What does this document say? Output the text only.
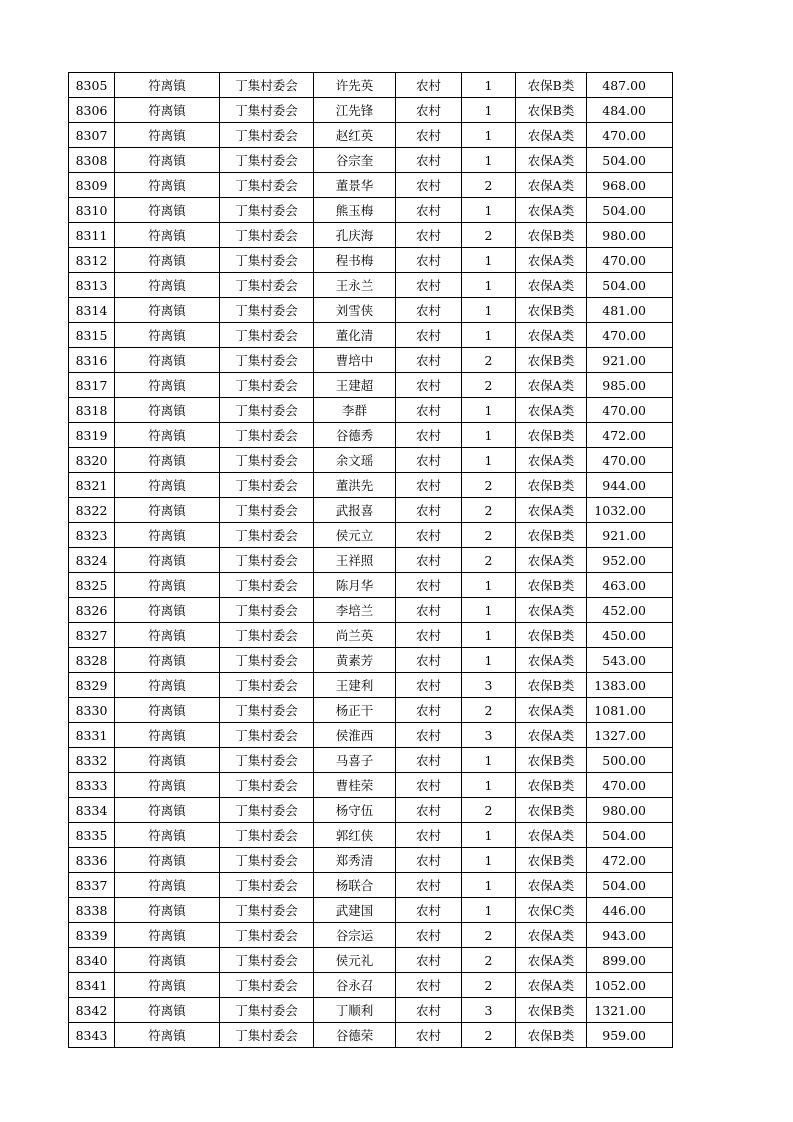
8305	符离镇	丁集村委会	许先英	农村	1	农保B类	487.00
8306	符离镇	丁集村委会	江先锋	农村	1	农保B类	484.00
8307	符离镇	丁集村委会	赵红英	农村	1	农保A类	470.00
8308	符离镇	丁集村委会	谷宗奎	农村	1	农保A类	504.00
8309	符离镇	丁集村委会	董景华	农村	2	农保A类	968.00
8310	符离镇	丁集村委会	熊玉梅	农村	1	农保A类	504.00
8311	符离镇	丁集村委会	孔庆海	农村	2	农保B类	980.00
8312	符离镇	丁集村委会	程书梅	农村	1	农保A类	470.00
8313	符离镇	丁集村委会	王永兰	农村	1	农保A类	504.00
8314	符离镇	丁集村委会	刘雪侠	农村	1	农保B类	481.00
8315	符离镇	丁集村委会	董化清	农村	1	农保A类	470.00
8316	符离镇	丁集村委会	曹培中	农村	2	农保B类	921.00
8317	符离镇	丁集村委会	王建超	农村	2	农保A类	985.00
8318	符离镇	丁集村委会	李群	农村	1	农保A类	470.00
8319	符离镇	丁集村委会	谷德秀	农村	1	农保B类	472.00
8320	符离镇	丁集村委会	余文瑶	农村	1	农保A类	470.00
8321	符离镇	丁集村委会	董洪先	农村	2	农保B类	944.00
8322	符离镇	丁集村委会	武报喜	农村	2	农保A类	1032.00
8323	符离镇	丁集村委会	侯元立	农村	2	农保B类	921.00
8324	符离镇	丁集村委会	王祥照	农村	2	农保A类	952.00
8325	符离镇	丁集村委会	陈月华	农村	1	农保B类	463.00
8326	符离镇	丁集村委会	李培兰	农村	1	农保A类	452.00
8327	符离镇	丁集村委会	尚兰英	农村	1	农保B类	450.00
8328	符离镇	丁集村委会	黄素芳	农村	1	农保A类	543.00
8329	符离镇	丁集村委会	王建利	农村	3	农保B类	1383.00
8330	符离镇	丁集村委会	杨正干	农村	2	农保A类	1081.00
8331	符离镇	丁集村委会	侯淮西	农村	3	农保A类	1327.00
8332	符离镇	丁集村委会	马喜子	农村	1	农保B类	500.00
8333	符离镇	丁集村委会	曹桂荣	农村	1	农保B类	470.00
8334	符离镇	丁集村委会	杨守伍	农村	2	农保B类	980.00
8335	符离镇	丁集村委会	郭红侠	农村	1	农保A类	504.00
8336	符离镇	丁集村委会	郑秀清	农村	1	农保B类	472.00
8337	符离镇	丁集村委会	杨联合	农村	1	农保A类	504.00
8338	符离镇	丁集村委会	武建国	农村	1	农保C类	446.00
8339	符离镇	丁集村委会	谷宗运	农村	2	农保A类	943.00
8340	符离镇	丁集村委会	侯元礼	农村	2	农保A类	899.00
8341	符离镇	丁集村委会	谷永召	农村	2	农保A类	1052.00
8342	符离镇	丁集村委会	丁顺利	农村	3	农保B类	1321.00
8343	符离镇	丁集村委会	谷德荣	农村	2	农保B类	959.00
